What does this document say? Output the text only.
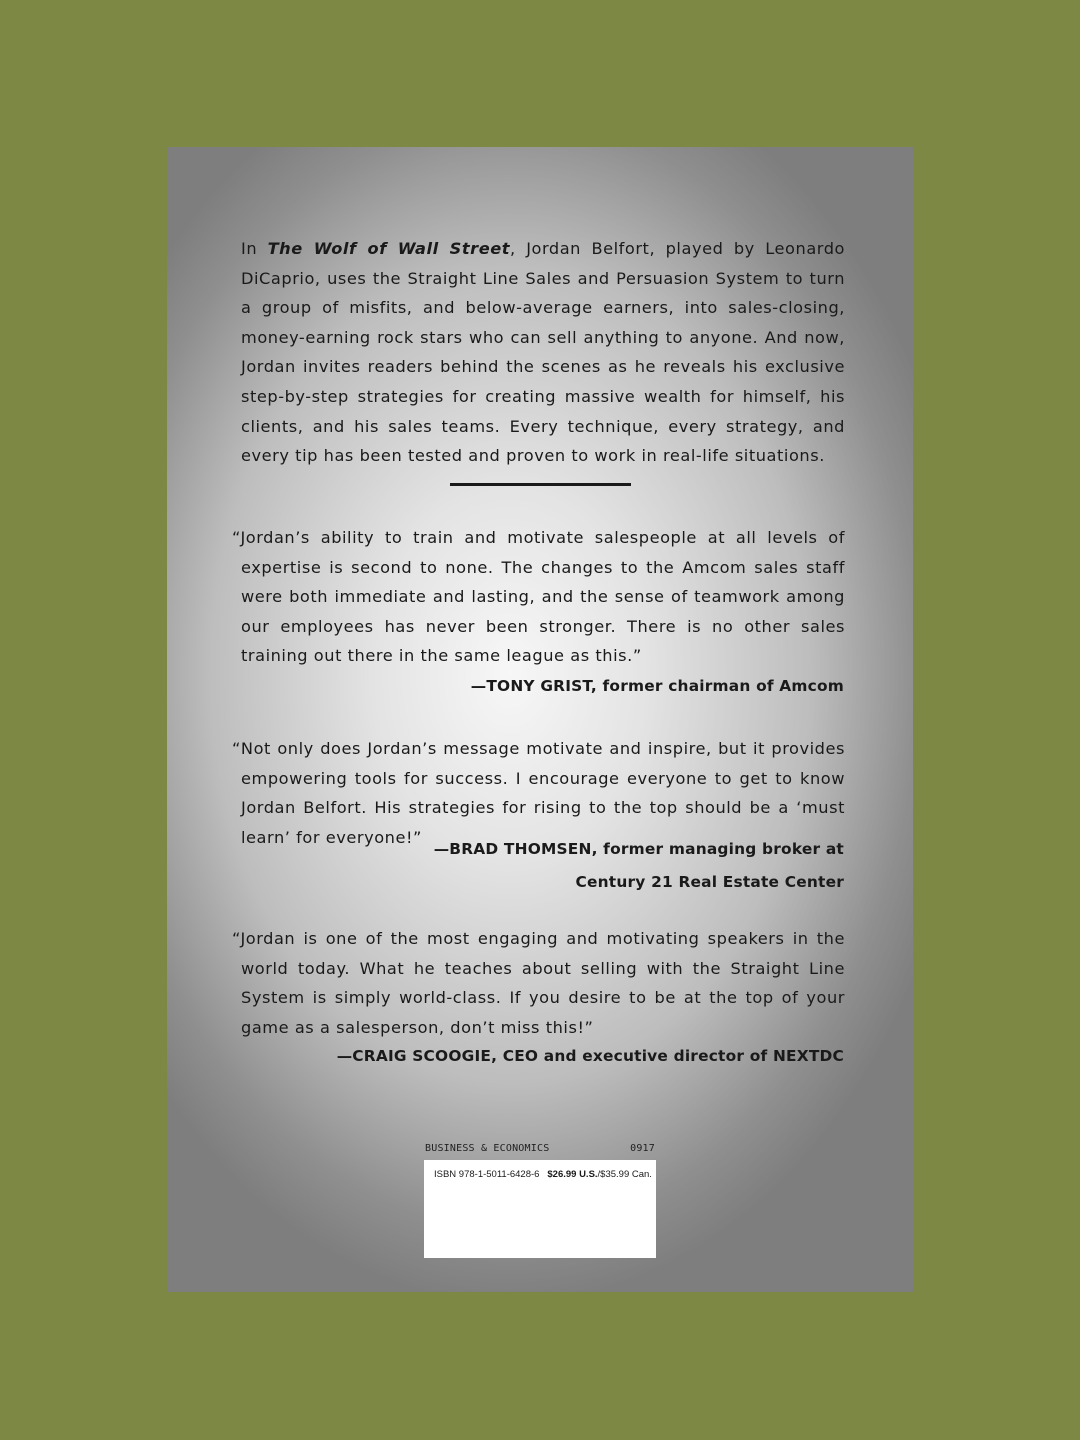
In The Wolf of Wall Street, Jordan Belfort, played by Leonardo DiCaprio, uses the Straight Line Sales and Persuasion System to turn a group of misfits, and below-average earners, into sales-closing, money-earning rock stars who can sell anything to anyone. And now, Jordan invites readers behind the scenes as he reveals his exclusive step-by-step strategies for creating massive wealth for himself, his clients, and his sales teams. Every technique, every strategy, and every tip has been tested and proven to work in real-life situations.

“Jordan’s ability to train and motivate salespeople at all levels of expertise is second to none. The changes to the Amcom sales staff were both immediate and lasting, and the sense of teamwork among our employees has never been stronger. There is no other sales training out there in the same league as this.”

—TONY GRIST, former chairman of Amcom

“Not only does Jordan’s message motivate and inspire, but it provides empowering tools for success. I encourage everyone to get to know Jordan Belfort. His strategies for rising to the top should be a ‘must learn’ for everyone!”

—BRAD THOMSEN, former managing broker at
Century 21 Real Estate Center

“Jordan is one of the most engaging and motivating speakers in the world today. What he teaches about selling with the Straight Line System is simply world-class. If you desire to be at the top of your game as a salesperson, don’t miss this!”

—CRAIG SCOOGIE, CEO and executive director of NEXTDC
BUSINESS & ECONOMICS	0917
ISBN 978-1-5011-6428-6 $26.99 U.S./$35.99 Can.
